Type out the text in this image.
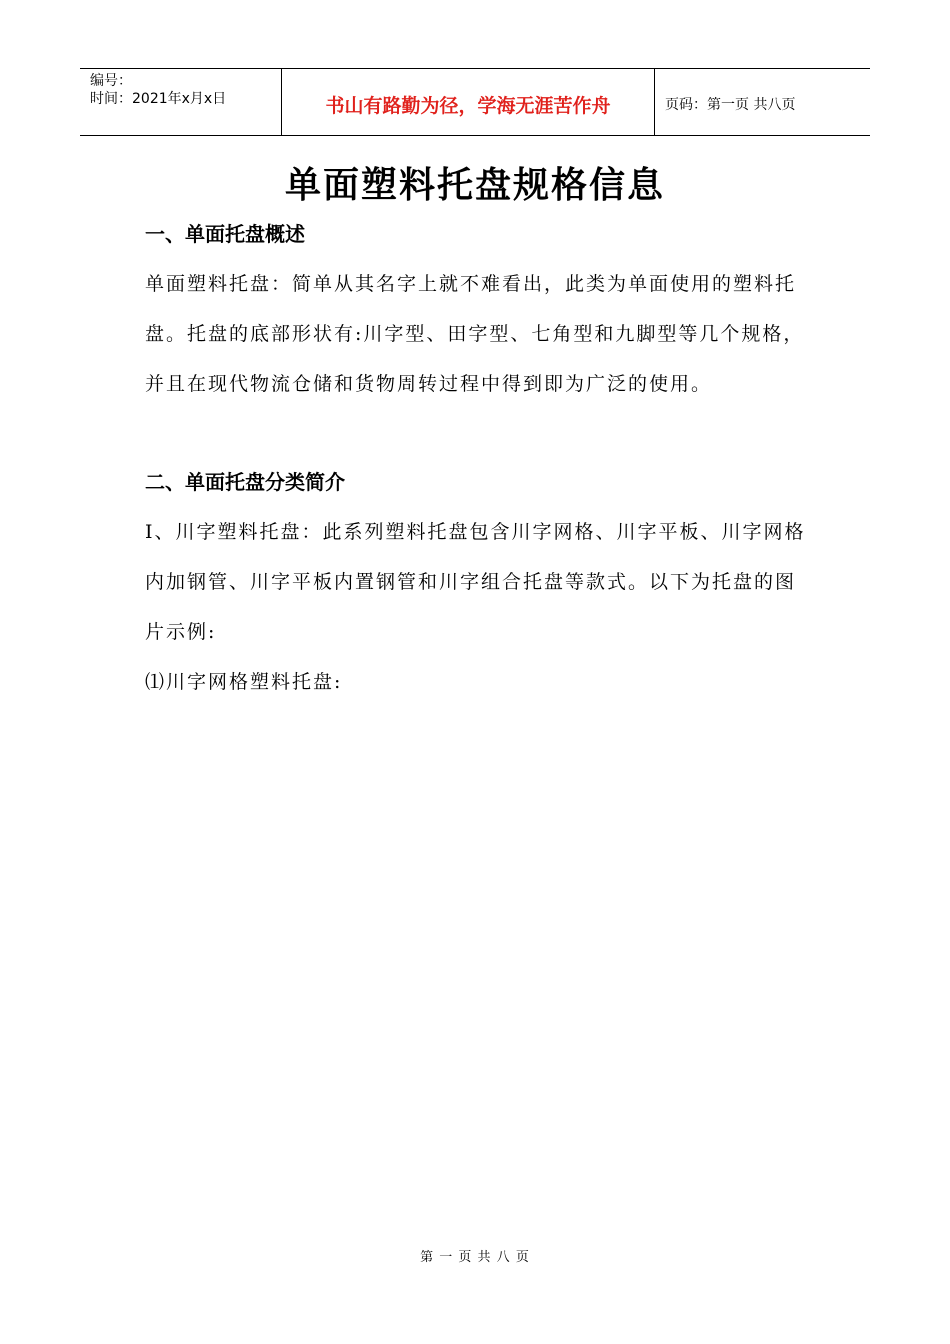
编号：
时间：2021年x月x日	书山有路勤为径，学海无涯苦作舟	页码：第一页 共八页
单面塑料托盘规格信息
一、单面托盘概述

单面塑料托盘：简单从其名字上就不难看出，此类为单面使用的塑料托盘。托盘的底部形状有:川字型、田字型、七角型和九脚型等几个规格，并且在现代物流仓储和货物周转过程中得到即为广泛的使用。

二、单面托盘分类简介

Ⅰ、川字塑料托盘：此系列塑料托盘包含川字网格、川字平板、川字网格内加钢管、川字平板内置钢管和川字组合托盘等款式。以下为托盘的图片示例:

⑴川字网格塑料托盘:

第 一 页 共 八 页
